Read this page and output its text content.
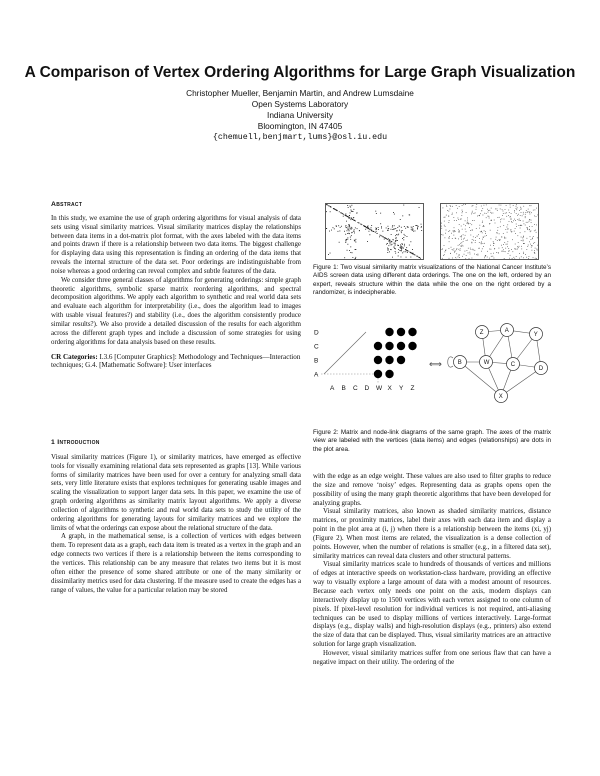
A Comparison of Vertex Ordering Algorithms for Large Graph Visualization
Christopher Mueller, Benjamin Martin, and Andrew Lumsdaine
Open Systems Laboratory
Indiana University
Bloomington, IN 47405
{chemuell,benjmart,lums}@osl.iu.edu

Abstract

In this study, we examine the use of graph ordering algorithms for visual analysis of data sets using visual similarity matrices. Visual similarity matrices display the relationships between data items in a dot-matrix plot format, with the axes labeled with the data items and points drawn if there is a relationship between two data items. The biggest challenge for displaying data using this representation is finding an ordering of the data items that reveals the internal structure of the data set. Poor orderings are indistinguishable from noise whereas a good ordering can reveal complex and subtle features of the data.

We consider three general classes of algorithms for generating orderings: simple graph theoretic algorithms, symbolic sparse matrix reordering algorithms, and spectral decomposition algorithms. We apply each algorithm to synthetic and real world data sets and evaluate each algorithm for interpretability (i.e., does the algorithm lead to images with usable visual features?) and stability (i.e., does the algorithm consistently produce similar results?). We also provide a detailed discussion of the results for each algorithm across the different graph types and include a discussion of some strategies for using ordering algorithms for data analysis based on these results.

CR Categories: I.3.6 [Computer Graphics]: Methodology and Techniques—Interaction techniques; G.4. [Mathematic Software]: User interfaces

1 Introduction

Visual similarity matrices (Figure 1), or similarity matrices, have emerged as effective tools for visually examining relational data sets represented as graphs [13]. While various forms of similarity matrices have been used for over a century for analyzing small data sets, very little literature exists that explores techniques for generating usable images and scaling the visualization to support larger data sets. In this paper, we examine the use of graph ordering algorithms as similarity matrix layout algorithms. We apply a diverse collection of algorithms to synthetic and real world data sets to study the utility of the ordering algorithms for generating layouts for similarity matrices and we explore the limits of what the orderings can expose about the relational structure of the data.

A graph, in the mathematical sense, is a collection of vertices with edges between them. To represent data as a graph, each data item is treated as a vertex in the graph and an edge connects two vertices if there is a relationship between the items corresponding to the vertices. This relationship can be any measure that relates two items but it is most often either the presence of some shared attribute or one of the many similarity or dissimilarity metrics used for data clustering. If the measure used to create the edges has a range of values, the value for a particular relation may be stored

Figure 1: Two visual similarity matrix visualizations of the National Cancer Institute’s AIDS screen data using different data orderings. The one on the left, ordered by an expert, reveals structure within the data while the one on the right ordered by a randomizer, is indecipherable.
D
C
B
A
A B C D W X Y Z
⟺
Z	A
Y
B	W	C
D
X
Figure 2: Matrix and node-link diagrams of the same graph. The axes of the matrix view are labeled with the vertices (data items) and edges (relationships) are dots in the plot area.

with the edge as an edge weight. These values are also used to filter graphs to reduce the size and remove ‘noisy’ edges. Representing data as graphs opens open the possibility of using the many graph theoretic algorithms that have been developed for analyzing graphs.

Visual similarity matrices, also known as shaded similarity matrices, distance matrices, or proximity matrices, label their axes with each data item and display a point in the plot area at (i, j) when there is a relationship between the items (xi, yj) (Figure 2). When most items are related, the visualization is a dense collection of points. However, when the number of relations is smaller (e.g., in a filtered data set), similarity matrices can reveal data clusters and other structural patterns.

Visual similarity matrices scale to hundreds of thousands of vertices and millions of edges at interactive speeds on workstation-class hardware, providing an effective way to visually explore a large amount of data with a modest amount of resources. Because each vertex only needs one point on the axis, modern displays can interactively display up to 1500 vertices with each vertex assigned to one column of pixels. If pixel-level resolution for individual vertices is not required, anti-aliasing techniques can be used to display millions of vertices interactively. Large-format displays (e.g., display walls) and high-resolution displays (e.g., printers) also extend the size of data that can be displayed. Thus, visual similarity matrices are an attractive solution for large graph visualization.

However, visual similarity matrices suffer from one serious flaw that can have a negative impact on their utility. The ordering of the
